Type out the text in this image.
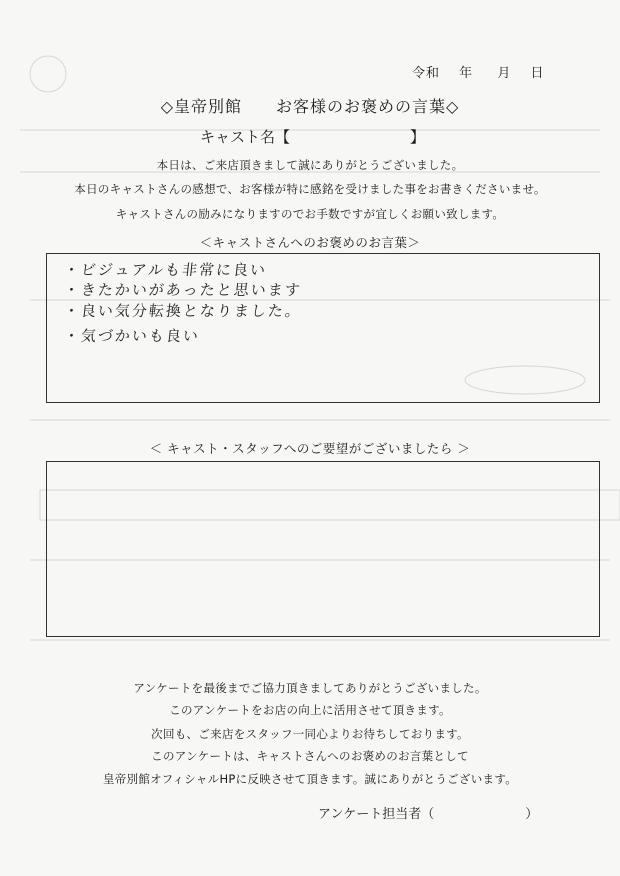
令和　 年 　 月 　日
◇皇帝別館　　お客様のお褒めの言葉◇
キャスト名【　　　　　　　　】
本日は、ご来店頂きまして誠にありがとうございました。
本日のキャストさんの感想で、お客様が特に感銘を受けました事をお書きくださいませ。
キャストさんの励みになりますのでお手数ですが宜しくお願い致します。
＜キャストさんへのお褒めのお言葉＞
・ビジュアルも非常に良い
・きたかいがあったと思います
・良い気分転換となりました。
・気づかいも良い
＜ キャスト・スタッフへのご要望がございましたら ＞
アンケートを最後までご協力頂きましてありがとうございました。
このアンケートをお店の向上に活用させて頂きます。
次回も、ご来店をスタッフ一同心よりお待ちしております。
このアンケートは、キャストさんへのお褒めのお言葉として
皇帝別館オフィシャルHPに反映させて頂きます。誠にありがとうございます。
アンケート担当者（　　　　　　　）
